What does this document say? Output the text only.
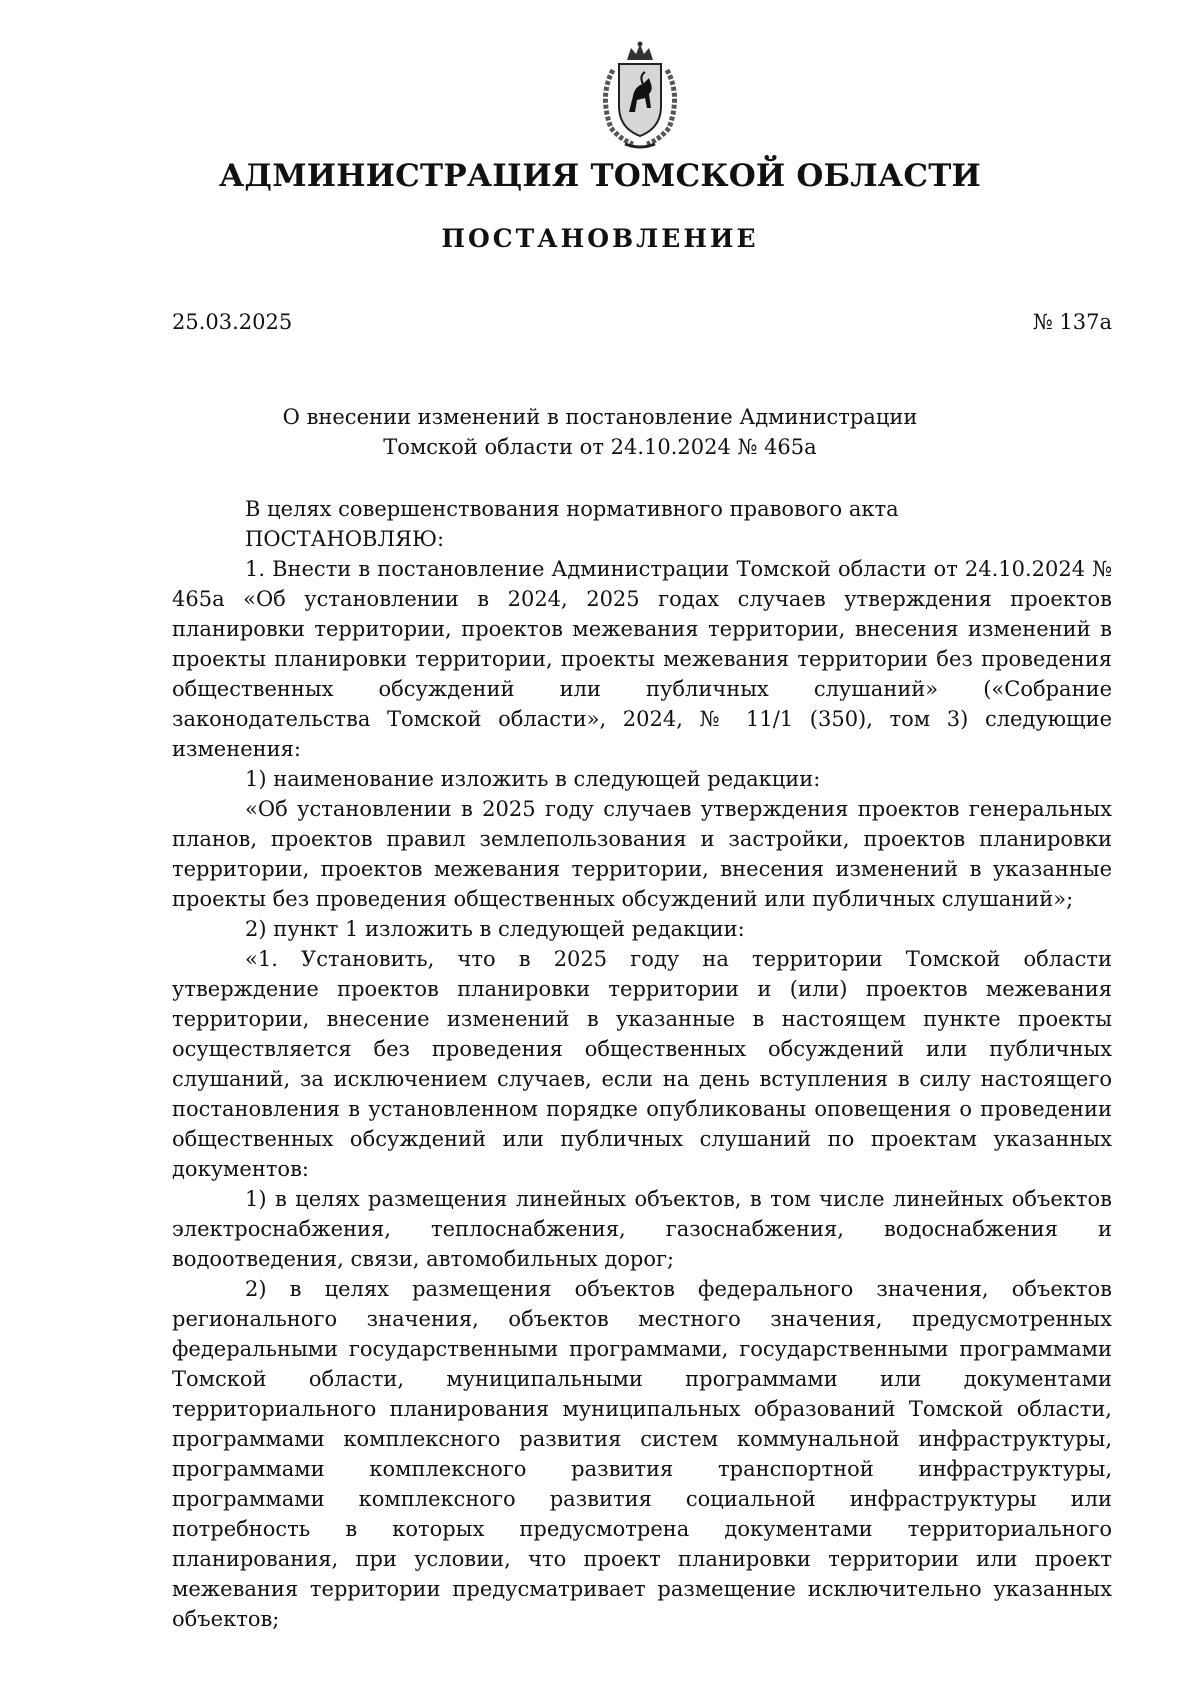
АДМИНИСТРАЦИЯ ТОМСКОЙ ОБЛАСТИ
ПОСТАНОВЛЕНИЕ
25.03.2025	№ 137а
О внесении изменений в постановление Администрации
Томской области от 24.10.2024 № 465а

В целях совершенствования нормативного правового акта

ПОСТАНОВЛЯЮ:

1. Внести в постановление Администрации Томской области от 24.10.2024 № 465а «Об установлении в 2024, 2025 годах случаев утверждения проектов планировки территории, проектов межевания территории, внесения изменений в проекты планировки территории, проекты межевания территории без проведения общественных обсуждений или публичных слушаний» («Собрание законодательства Томской области», 2024, № 11/1 (350), том 3) следующие изменения:

1) наименование изложить в следующей редакции:

«Об установлении в 2025 году случаев утверждения проектов генеральных планов, проектов правил землепользования и застройки, проектов планировки территории, проектов межевания территории, внесения изменений в указанные проекты без проведения общественных обсуждений или публичных слушаний»;

2) пункт 1 изложить в следующей редакции:

«1. Установить, что в 2025 году на территории Томской области утверждение проектов планировки территории и (или) проектов межевания территории, внесение изменений в указанные в настоящем пункте проекты осуществляется без проведения общественных обсуждений или публичных слушаний, за исключением случаев, если на день вступления в силу настоящего постановления в установленном порядке опубликованы оповещения о проведении общественных обсуждений или публичных слушаний по проектам указанных документов:

1) в целях размещения линейных объектов, в том числе линейных объектов электроснабжения, теплоснабжения, газоснабжения, водоснабжения и водоотведения, связи, автомобильных дорог;

2) в целях размещения объектов федерального значения, объектов регионального значения, объектов местного значения, предусмотренных федеральными государственными программами, государственными программами Томской области, муниципальными программами или документами территориального планирования муниципальных образований Томской области, программами комплексного развития систем коммунальной инфраструктуры, программами комплексного развития транспортной инфраструктуры, программами комплексного развития социальной инфраструктуры или потребность в которых предусмотрена документами территориального планирования, при условии, что проект планировки территории или проект межевания территории предусматривает размещение исключительно указанных объектов;
